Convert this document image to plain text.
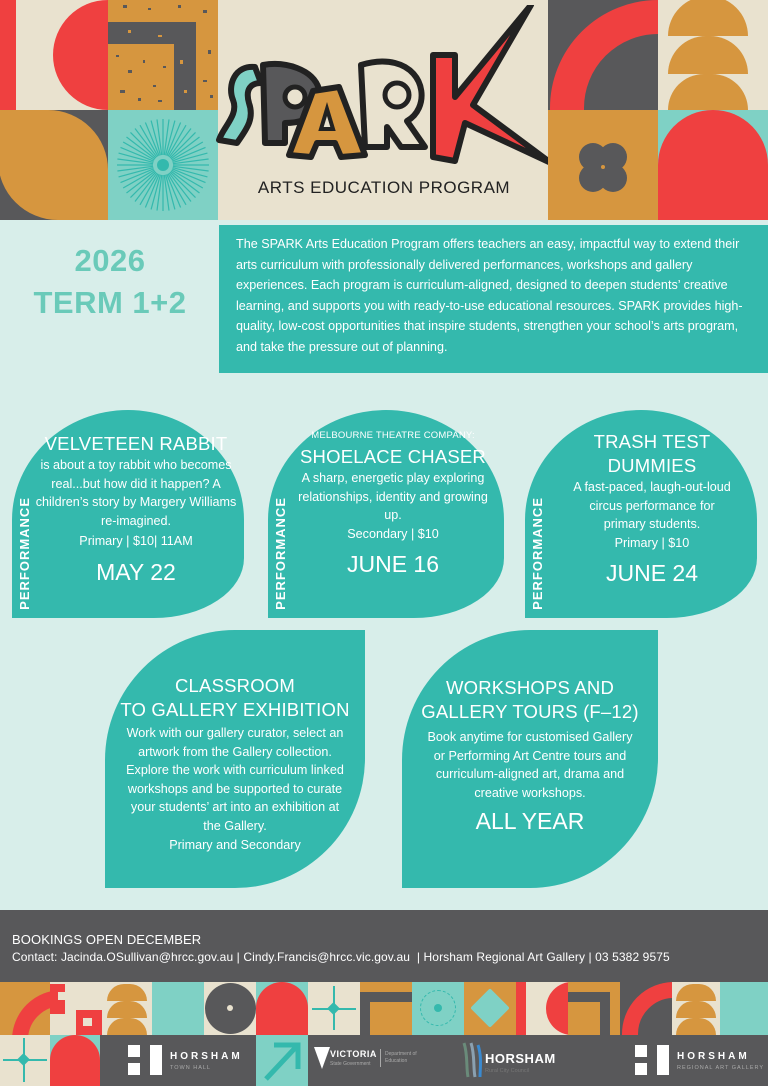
ARTS EDUCATION PROGRAM
2026
TERM 1+2
The SPARK Arts Education Program offers teachers an easy, impactful way to extend their arts curriculum with professionally delivered performances, workshops and gallery experiences. Each program is curriculum-aligned, designed to deepen students’ creative learning, and supports you with ready-to-use educational resources. SPARK provides high-quality, low-cost opportunities that inspire students, strengthen your school’s arts program, and take the pressure out of planning.
VELVETEEN RABBIT
is about a toy rabbit who becomes real...but how did it happen? A children’s story by Margery Williams re-imagined.
Primary | $10| 11AM
MAY 22
PERFORMANCE
MELBOURNE THEATRE COMPANY:
SHOELACE CHASER
A sharp, energetic play exploring relationships, identity and growing up.
Secondary | $10
JUNE 16
PERFORMANCE
TRASH TEST DUMMIES
A fast-paced, laugh-out-loud circus performance for primary students.
Primary | $10
JUNE 24
PERFORMANCE
CLASSROOM
TO GALLERY EXHIBITION
Work with our gallery curator, select an artwork from the Gallery collection. Explore the work with curriculum linked workshops and be supported to curate your students’ art into an exhibition at the Gallery.
Primary and Secondary
WORKSHOPS AND
GALLERY TOURS (F–12)
Book anytime for customised Gallery or Performing Art Centre tours and curriculum-aligned art, drama and creative workshops.
ALL YEAR
BOOKINGS OPEN DECEMBER
Contact: Jacinda.OSullivan@hrcc.gov.au | Cindy.Francis@hrcc.vic.gov.au | Horsham Regional Art Gallery | 03 5382 9575
HORSHAM
TOWN HALL
VICTORIA
State Government
Department of Education	HORSHAM
Rural City Council
HORSHAM
REGIONAL ART GALLERY
